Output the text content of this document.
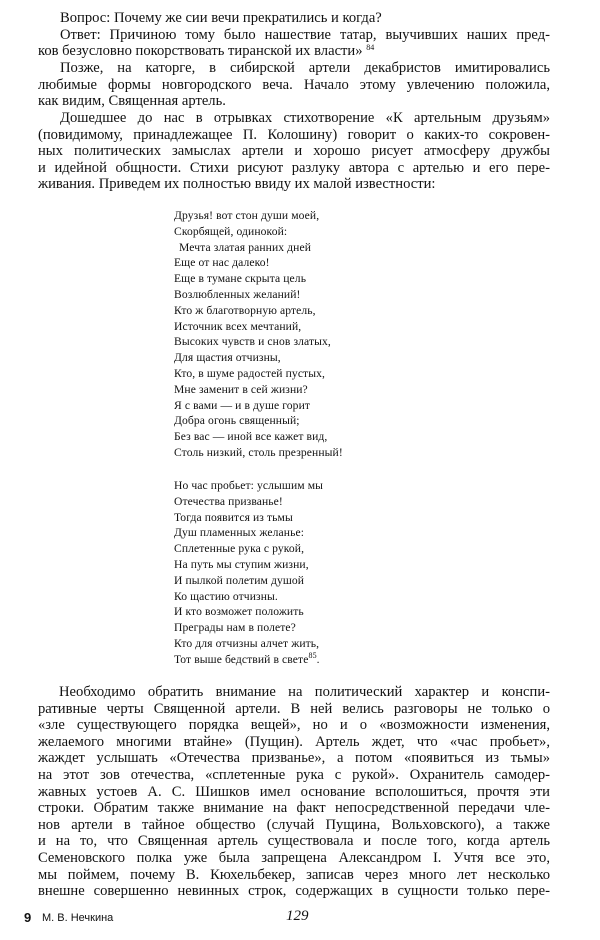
Вопрос: Почему же сии вечи прекратились и когда?
Ответ: Причиною тому было нашествие татар, выучивших наших пред-
ков безусловно покорствовать тиранской их власти» $^{84}$
Позже, на каторге, в сибирской артели декабристов имитировались
любимые формы новгородского веча. Начало этому увлечению положила,
как видим, Священная артель.
Дошедшее до нас в отрывках стихотворение «К артельным друзьям»
(повидимому, принадлежащее П. Колошину) говорит о каких-то сокровен-
ных политических замыслах артели и хорошо рисует атмосферу дружбы
и идейной общности. Стихи рисуют разлуку автора с артелью и его пере-
живания. Приведем их полностью ввиду их малой известности:
Друзья! вот стон души моей,
Скорбящей, одинокой:
Мечта златая ранних дней
Еще от нас далеко!
Еще в тумане скрыта цель
Возлюбленных желаний!
Кто ж благотворную артель,
Источник всех мечтаний,
Высоких чувств и снов златых,
Для щастия отчизны,
Кто, в шуме радостей пустых,
Мне заменит в сей жизни?
Я с вами — и в душе горит
Добра огонь священный;
Без вас — иной все кажет вид,
Столь низкий, столь презренный!
Но час пробьет: услышим мы
Отечества призванье!
Тогда появится из тьмы
Душ пламенных желанье:
Сплетенные рука с рукой,
На путь мы ступим жизни,
И пылкой полетим душой
Ко щастию отчизны.
И кто возможет положить
Преграды нам в полете?
Кто для отчизны алчет жить,
Тот выше бедствий в свете$^{85}$.
Необходимо обратить внимание на политический характер и конспи-
ративные черты Священной артели. В ней велись разговоры не только о
«зле существующего порядка вещей», но и о «возможности изменения,
желаемого многими втайне» (Пущин). Артель ждет, что «час пробьет»,
жаждет услышать «Отечества призванье», а потом «появиться из тьмы»
на этот зов отечества, «сплетенные рука с рукой». Охранитель самодер-
жавных устоев А. С. Шишков имел основание всполошиться, прочтя эти
строки. Обратим также внимание на факт непосредственной передачи чле-
нов артели в тайное общество (случай Пущина, Вольховского), а также
и на то, что Священная артель существовала и после того, когда артель
Семеновского полка уже была запрещена Александром I. Учтя все это,
мы поймем, почему В. Кюхельбекер, записав через много лет несколько
внешне совершенно невинных строк, содержащих в сущности только пере-
9 М. В. Нечкина	129
